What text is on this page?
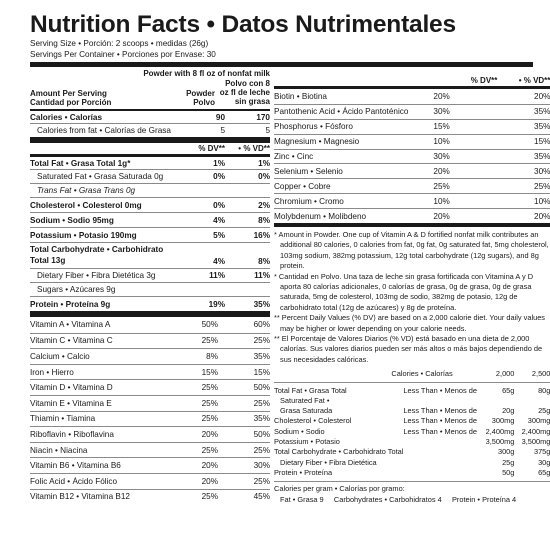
Nutrition Facts • Datos Nutrimentales
Serving Size • Porción: 2 scoops • medidas (26g)
Servings Per Container • Porciones por Envase: 30
Powder with 8 fl oz of nonfat milk
Amount Per Serving
Cantidad por Porción
Powder Polvo
Polvo con 8 oz fl de leche sin grasa
Calories • Calorías	90	170
Calories from fat • Calorías de Grasa	5	5
% DV**	• % VD**
Total Fat • Grasa Total 1g*	1%	1%
Saturated Fat • Grasa Saturada 0g	0%	0%
Trans Fat • Grasa Trans 0g
Cholesterol • Colesterol 0mg	0%	2%
Sodium • Sodio 95mg	4%	8%
Potassium • Potasio 190mg	5%	16%
Total Carbohydrate • Carbohidrato Total 13g	4%	8%
Dietary Fiber • Fibra Dietética 3g	11%	11%
Sugars • Azúcares 9g
Protein • Proteína 9g	19%	35%
Vitamin A • Vitamina A	50%	60%
Vitamin C • Vitamina C	25%	25%
Calcium • Calcio	8%	35%
Iron • Hierro	15%	15%
Vitamin D • Vitamina D	25%	50%
Vitamin E • Vitamina E	25%	25%
Thiamin • Tiamina	25%	35%
Riboflavin • Riboflavina	20%	50%
Niacin • Niacina	25%	25%
Vitamin B6 • Vitamina B6	20%	30%
Folic Acid • Ácido Fólico	20%	25%
Vitamin B12 • Vitamina B12	25%	45%
% DV**	• % VD**
Biotin • Biotina	20%	20%
Pantothenic Acid • Ácido Pantoténico	30%	35%
Phosphorus • Fósforo	15%	35%
Magnesium • Magnesio	10%	15%
Zinc • Cinc	30%	35%
Selenium • Selenio	20%	30%
Copper • Cobre	25%	25%
Chromium • Cromo	10%	10%
Molybdenum • Molibdeno	20%	20%

* Amount in Powder. One cup of Vitamin A & D fortified nonfat milk contributes an additional 80 calories, 0 calories from fat, 0g fat, 0g saturated fat, 5mg cholesterol, 103mg sodium, 382mg potassium, 12g total carbohydrate (12g sugars), and 8g protein.

* Cantidad en Polvo. Una taza de leche sin grasa fortificada con Vitamina A y D aporta 80 calorías adicionales, 0 calorías de grasa, 0g de grasa, 0g de grasa saturada, 5mg de colesterol, 103mg de sodio, 382mg de potasio, 12g de carbohidrato total (12g de azúcares) y 8g de proteína.

** Percent Daily Values (% DV) are based on a 2,000 calorie diet. Your daily values may be higher or lower depending on your calorie needs.

** El Porcentaje de Valores Diarios (% VD) está basado en una dieta de 2,000 calorías. Sus valores diarios pueden ser más altos o más bajos dependiendo de sus necesidades calóricas.

Calories • Calorías	2,000	2,500
Total Fat • Grasa Total	Less Than • Menos de	65g	80g
Saturated Fat •
Grasa Saturada	Less Than • Menos de	20g	25g
Cholesterol • Colesterol	Less Than • Menos de	300mg	300mg
Sodium • Sodio	Less Than • Menos de	2,400mg 2,400mg
Potassium • Potasio	3,500mg 3,500mg
Total Carbohydrate • Carbohidrato Total	300g	375g
Dietary Fiber • Fibra Dietética	25g	30g
Protein • Proteína	50g	65g
Calories per gram • Calorías por gramo:
Fat • Grasa 9     Carbohydrates • Carbohidratos 4     Protein • Proteína 4
